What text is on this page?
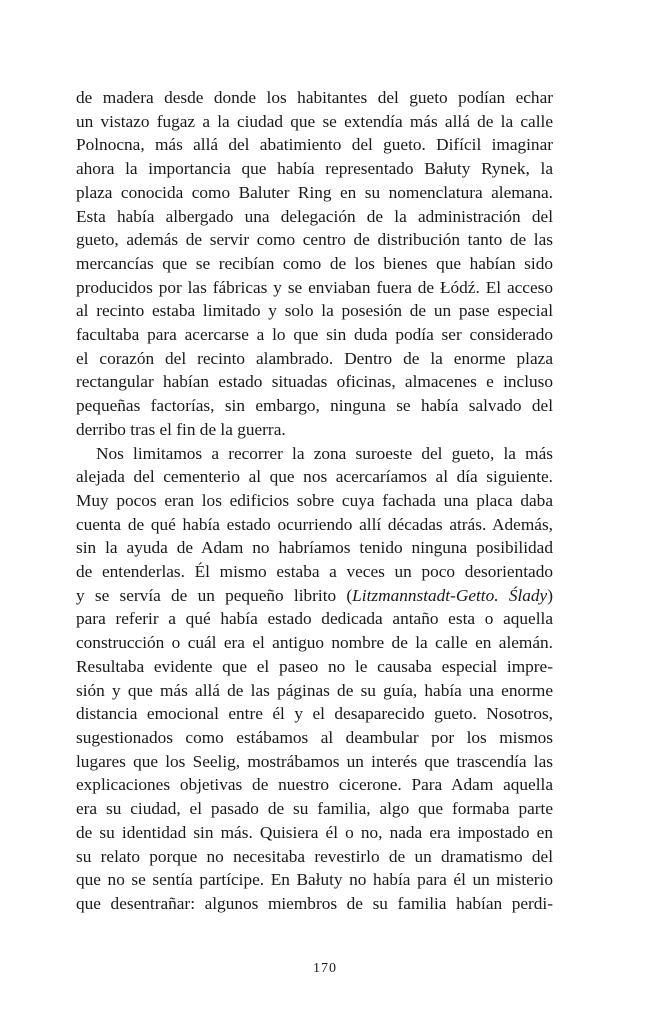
de madera desde donde los habitantes del gueto podían echar
un vistazo fugaz a la ciudad que se extendía más allá de la calle
Polnocna, más allá del abatimiento del gueto. Difícil imaginar
ahora la importancia que había representado Bałuty Rynek, la
plaza conocida como Baluter Ring en su nomenclatura alemana.
Esta había albergado una delegación de la administración del
gueto, además de servir como centro de distribución tanto de las
mercancías que se recibían como de los bienes que habían sido
producidos por las fábricas y se enviaban fuera de Łódź. El acceso
al recinto estaba limitado y solo la posesión de un pase especial
facultaba para acercarse a lo que sin duda podía ser considerado
el corazón del recinto alambrado. Dentro de la enorme plaza
rectangular habían estado situadas oficinas, almacenes e incluso
pequeñas factorías, sin embargo, ninguna se había salvado del
derribo tras el fin de la guerra.
Nos limitamos a recorrer la zona suroeste del gueto, la más
alejada del cementerio al que nos acercaríamos al día siguiente.
Muy pocos eran los edificios sobre cuya fachada una placa daba
cuenta de qué había estado ocurriendo allí décadas atrás. Además,
sin la ayuda de Adam no habríamos tenido ninguna posibilidad
de entenderlas. Él mismo estaba a veces un poco desorientado
y se servía de un pequeño librito (Litzmannstadt-Getto. Ślady)
para referir a qué había estado dedicada antaño esta o aquella
construcción o cuál era el antiguo nombre de la calle en alemán.
Resultaba evidente que el paseo no le causaba especial impre-
sión y que más allá de las páginas de su guía, había una enorme
distancia emocional entre él y el desaparecido gueto. Nosotros,
sugestionados como estábamos al deambular por los mismos
lugares que los Seelig, mostrábamos un interés que trascendía las
explicaciones objetivas de nuestro cicerone. Para Adam aquella
era su ciudad, el pasado de su familia, algo que formaba parte
de su identidad sin más. Quisiera él o no, nada era impostado en
su relato porque no necesitaba revestirlo de un dramatismo del
que no se sentía partícipe. En Bałuty no había para él un misterio
que desentrañar: algunos miembros de su familia habían perdi-
170
